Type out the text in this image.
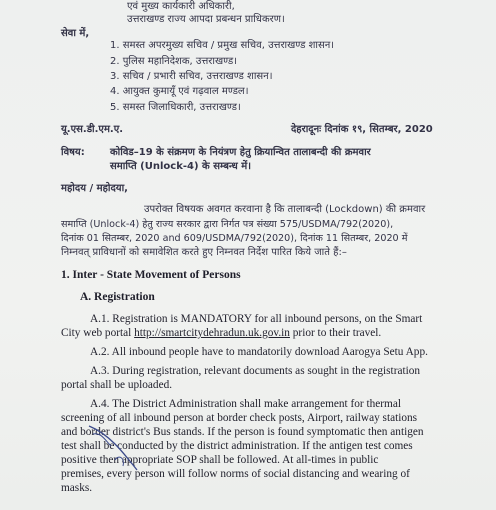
एवं मुख्य कार्यकारी अधिकारी,
उत्तराखण्ड राज्य आपदा प्रबन्धन प्राधिकरण।
सेवा में,
1. समस्त अपरमुख्य सचिव / प्रमुख सचिव, उत्तराखण्ड शासन।
2. पुलिस महानिदेशक, उत्तराखण्ड।
3. सचिव / प्रभारी सचिव, उत्तराखण्ड शासन।
4. आयुक्त कुमायूँ एवं गढ़वाल मण्डल।
5. समस्त जिलाधिकारी, उत्तराखण्ड।
यू.एस.डी.एम.ए.	देहरादूनः दिनांक १९, सितम्बर, 2020
विषय:	कोविड–19 के संक्रमण के नियंत्रण हेतु क्रियान्वित तालाबन्दी की क्रमवार
समाप्ति (Unlock-4) के सम्बन्ध में।
महोदय / महोदया,
उपरोक्त विषयक अवगत करवाना है कि तालाबन्दी (Lockdown) की क्रमवार
समाप्ति (Unlock-4) हेतु राज्य सरकार द्वारा निर्गत पत्र संख्या 575/USDMA/792(2020),
दिनांक 01 सितम्बर, 2020 and 609/USDMA/792(2020), दिनांक 11 सितम्बर, 2020 में
निम्नवत् प्राविधानों को समावेशित करते हुए निम्नवत निर्देश पारित किये जाते हैं:–
1. Inter - State Movement of Persons
A. Registration
A.1. Registration is MANDATORY for all inbound persons, on the Smart
City web portal http://smartcitydehradun.uk.gov.in prior to their travel.
A.2. All inbound people have to mandatorily download Aarogya Setu App.
A.3. During registration, relevant documents as sought in the registration
portal shall be uploaded.
A.4. The District Administration shall make arrangement for thermal
screening of all inbound person at border check posts, Airport, railway stations
and border district's Bus stands. If the person is found symptomatic then antigen
test shall be conducted by the district administration. If the antigen test comes
positive then appropriate SOP shall be followed. At all-times in public
premises, every person will follow norms of social distancing and wearing of
masks.
